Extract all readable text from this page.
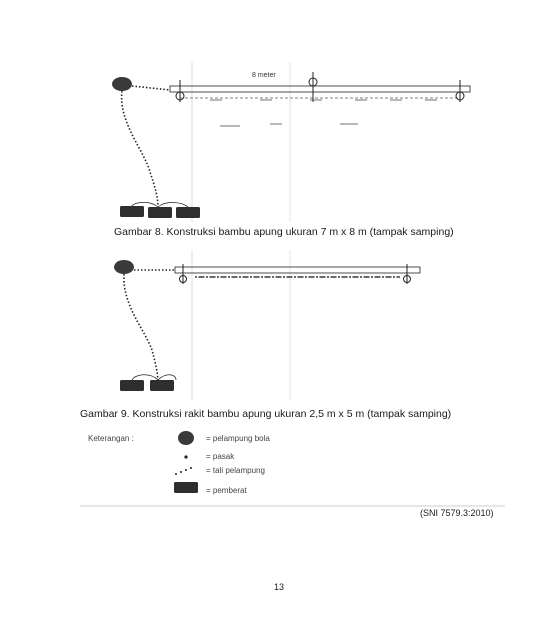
8 meter
Gambar 8. Konstruksi bambu apung ukuran 7 m x 8 m (tampak samping)
Gambar 9. Konstruksi rakit bambu apung ukuran 2,5 m x 5 m (tampak samping)
Keterangan :	= pelampung bola
= pasak
= tali pelampung
= pemberat
(SNI 7579.3:2010)
13
